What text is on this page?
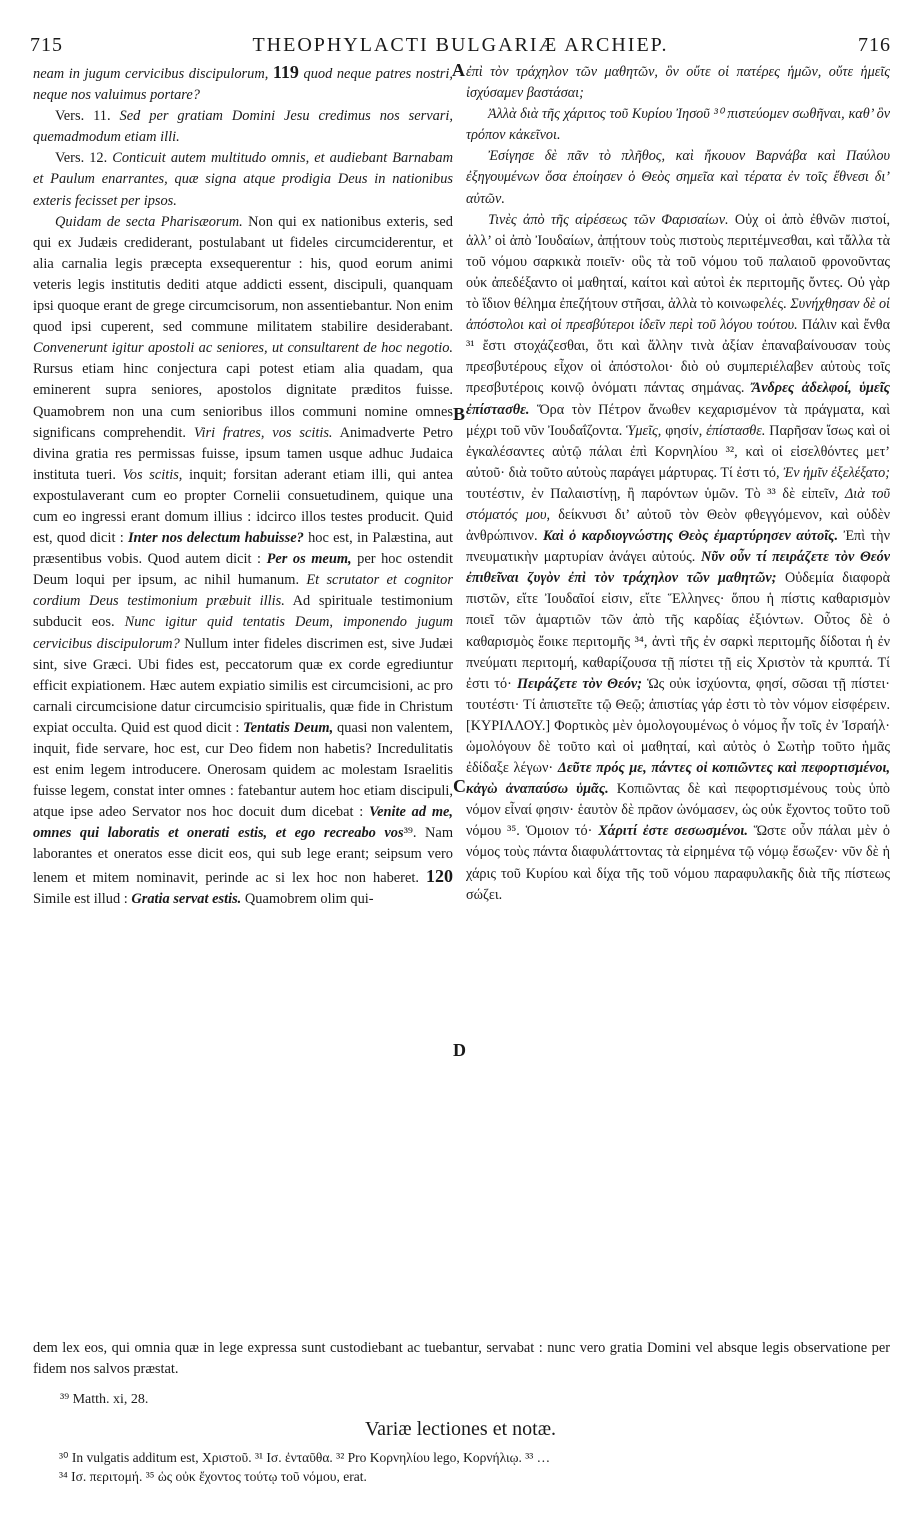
715	THEOPHYLACTI BULGARIÆ ARCHIEP.	716
A
B
C
D

neam in jugum cervicibus discipulorum, 119 quod neque patres nostri, neque nos valuimus portare?

Vers. 11. Sed per gratiam Domini Jesu credimus nos servari, quemadmodum etiam illi.

Vers. 12. Conticuit autem multitudo omnis, et audiebant Barnabam et Paulum enarrantes, quæ signa atque prodigia Deus in nationibus exteris fecisset per ipsos.

Quidam de secta Pharisæorum. Non qui ex nationibus exteris, sed qui ex Judæis crediderant, postulabant ut fideles circumciderentur, et alia carnalia legis præcepta exsequerentur : his, quod eorum animi veteris legis institutis dediti atque addicti essent, discipuli, quanquam ipsi quoque erant de grege circumcisorum, non assentiebantur. Non enim quod ipsi cuperent, sed commune militatem stabilire desiderabant. Convenerunt igitur apostoli ac seniores, ut consultarent de hoc negotio. Rursus etiam hinc conjectura capi potest etiam alia quadam, qua eminerent supra seniores, apostolos dignitate præditos fuisse. Quamobrem non una cum senioribus illos communi nomine omnes significans comprehendit. Viri fratres, vos scitis. Animadverte Petro divina gratia res permissas fuisse, ipsum tamen usque adhuc Judaica instituta tueri. Vos scitis, inquit; forsitan aderant etiam illi, qui antea expostulaverant cum eo propter Cornelii consuetudinem, quique una cum eo ingressi erant domum illius : idcirco illos testes producit. Quid est, quod dicit : Inter nos delectum habuisse? hoc est, in Palæstina, aut præsentibus vobis. Quod autem dicit : Per os meum, per hoc ostendit Deum loqui per ipsum, ac nihil humanum. Et scrutator et cognitor cordium Deus testimonium præbuit illis. Ad spirituale testimonium subducit eos. Nunc igitur quid tentatis Deum, imponendo jugum cervicibus discipulorum? Nullum inter fideles discrimen est, sive Judæi sint, sive Græci. Ubi fides est, peccatorum quæ ex corde egrediuntur efficit expiationem. Hæc autem expiatio similis est circumcisioni, ac pro carnali circumcisione datur circumcisio spiritualis, quæ fide in Christum expiat occulta. Quid est quod dicit : Tentatis Deum, quasi non valentem, inquit, fide servare, hoc est, cur Deo fidem non habetis? Incredulitatis est enim legem introducere. Onerosam quidem ac molestam Israelitis fuisse legem, constat inter omnes : fatebantur autem hoc etiam discipuli, atque ipse adeo Servator nos hoc docuit dum dicebat : Venite ad me, omnes qui laboratis et onerati estis, et ego recreabo vos³⁹. Nam laborantes et oneratos esse dicit eos, qui sub lege erant; seipsum vero lenem et mitem nominavit, perinde ac si lex hoc non haberet. 120 Simile est illud : Gratia servat estis. Quamobrem olim qui-

ἐπὶ τὸν τράχηλον τῶν μαθητῶν, ὃν οὔτε οἱ πατέρες ἡμῶν, οὔτε ἡμεῖς ἰσχύσαμεν βαστάσαι;

Ἀλλὰ διὰ τῆς χάριτος τοῦ Κυρίου Ἰησοῦ ³⁰ πιστεύομεν σωθῆναι, καθ’ ὃν τρόπον κἀκεῖνοι.

Ἐσίγησε δὲ πᾶν τὸ πλῆθος, καὶ ἤκουον Βαρνάβα καὶ Παύλου ἐξηγουμένων ὅσα ἐποίησεν ὁ Θεὸς σημεῖα καὶ τέρατα ἐν τοῖς ἔθνεσι δι’ αὐτῶν.

Τινὲς ἀπὸ τῆς αἱρέσεως τῶν Φαρισαίων. Οὐχ οἱ ἀπὸ ἐθνῶν πιστοί, ἀλλ’ οἱ ἀπὸ Ἰουδαίων, ἀπῄτουν τοὺς πιστοὺς περιτέμνεσθαι, καὶ τἄλλα τὰ τοῦ νόμου σαρκικὰ ποιεῖν· οὓς τὰ τοῦ νόμου τοῦ παλαιοῦ φρονοῦντας οὐκ ἀπεδέξαντο οἱ μαθηταί, καίτοι καὶ αὐτοὶ ἐκ περιτομῆς ὄντες. Οὐ γὰρ τὸ ἴδιον θέλημα ἐπεζήτουν στῆσαι, ἀλλὰ τὸ κοινωφελές. Συνήχθησαν δὲ οἱ ἀπόστολοι καὶ οἱ πρεσβύτεροι ἰδεῖν περὶ τοῦ λόγου τούτου. Πάλιν καὶ ἔνθα ³¹ ἔστι στοχάζεσθαι, ὅτι καὶ ἄλλην τινὰ ἀξίαν ἐπαναβαίνουσαν τοὺς πρεσβυτέρους εἶχον οἱ ἀπόστολοι· διὸ οὐ συμπεριέλαβεν αὐτοὺς τοῖς πρεσβυτέροις κοινῷ ὀνόματι πάντας σημάνας. Ἄνδρες ἀδελφοί, ὑμεῖς ἐπίστασθε. Ὅρα τὸν Πέτρον ἄνωθεν κεχαρισμένον τὰ πράγματα, καὶ μέχρι τοῦ νῦν Ἰουδαΐζοντα. Ὑμεῖς, φησίν, ἐπίστασθε. Παρῆσαν ἴσως καὶ οἱ ἐγκαλέσαντες αὐτῷ πάλαι ἐπὶ Κορνηλίου ³², καὶ οἱ εἰσελθόντες μετ’ αὐτοῦ· διὰ τοῦτο αὐτοὺς παράγει μάρτυρας. Τί ἐστι τό, Ἐν ἡμῖν ἐξελέξατο; τουτέστιν, ἐν Παλαιστίνῃ, ἢ παρόντων ὑμῶν. Τὸ ³³ δὲ εἰπεῖν, Διὰ τοῦ στόματός μου, δείκνυσι δι’ αὐτοῦ τὸν Θεὸν φθεγγόμενον, καὶ οὐδὲν ἀνθρώπινον. Καὶ ὁ καρδιογνώστης Θεὸς ἐμαρτύρησεν αὐτοῖς. Ἐπὶ τὴν πνευματικὴν μαρτυρίαν ἀνάγει αὐτούς. Νῦν οὖν τί πειράζετε τὸν Θεόν ἐπιθεῖναι ζυγὸν ἐπὶ τὸν τράχηλον τῶν μαθητῶν; Οὐδεμία διαφορὰ πιστῶν, εἴτε Ἰουδαῖοί εἰσιν, εἴτε Ἕλληνες· ὅπου ἡ πίστις καθαρισμὸν ποιεῖ τῶν ἁμαρτιῶν τῶν ἀπὸ τῆς καρδίας ἐξιόντων. Οὗτος δὲ ὁ καθαρισμὸς ἔοικε περιτομῆς ³⁴, ἀντὶ τῆς ἐν σαρκὶ περιτομῆς δίδοται ἡ ἐν πνεύματι περιτομή, καθαρίζουσα τῇ πίστει τῇ εἰς Χριστὸν τὰ κρυπτά. Τί ἐστι τό· Πειράζετε τὸν Θεόν; Ὡς οὐκ ἰσχύοντα, φησί, σῶσαι τῇ πίστει· τουτέστι· Τί ἀπιστεῖτε τῷ Θεῷ; ἀπιστίας γάρ ἐστι τὸ τὸν νόμον εἰσφέρειν. [ΚΥΡΙΛΛΟΥ.] Φορτικὸς μὲν ὁμολογουμένως ὁ νόμος ἦν τοῖς ἐν Ἰσραήλ· ὡμολόγουν δὲ τοῦτο καὶ οἱ μαθηταί, καὶ αὐτὸς ὁ Σωτὴρ τοῦτο ἡμᾶς ἐδίδαξε λέγων· Δεῦτε πρός με, πάντες οἱ κοπιῶντες καὶ πεφορτισμένοι, κἀγὼ ἀναπαύσω ὑμᾶς. Κοπιῶντας δὲ καὶ πεφορτισμένους τοὺς ὑπὸ νόμον εἶναί φησιν· ἑαυτὸν δὲ πρᾶον ὠνόμασεν, ὡς οὐκ ἔχοντος τοῦτο τοῦ νόμου ³⁵. Ὁμοιον τό· Χάριτί ἐστε σεσωσμένοι. Ὥστε οὖν πάλαι μὲν ὁ νόμος τοὺς πάντα διαφυλάττοντας τὰ εἰρημένα τῷ νόμῳ ἔσωζεν· νῦν δὲ ἡ χάρις τοῦ Κυρίου καὶ δίχα τῆς τοῦ νόμου παραφυλακῆς διὰ τῆς πίστεως σώζει.

dem lex eos, qui omnia quæ in lege expressa sunt custodiebant ac tuebantur, servabat : nunc vero gratia Domini vel absque legis observatione per fidem nos salvos præstat.
³⁹ Matth. xi, 28.
Variæ lectiones et notæ.

³⁰ In vulgatis additum est, Χριστοῦ. ³¹ Ισ. ἐνταῦθα. ³² Pro Κορνηλίου lego, Κορνήλιῳ. ³³ …

³⁴ Ισ. περιτομή. ³⁵ ὡς οὐκ ἔχοντος τούτῳ τοῦ νόμου, erat.
